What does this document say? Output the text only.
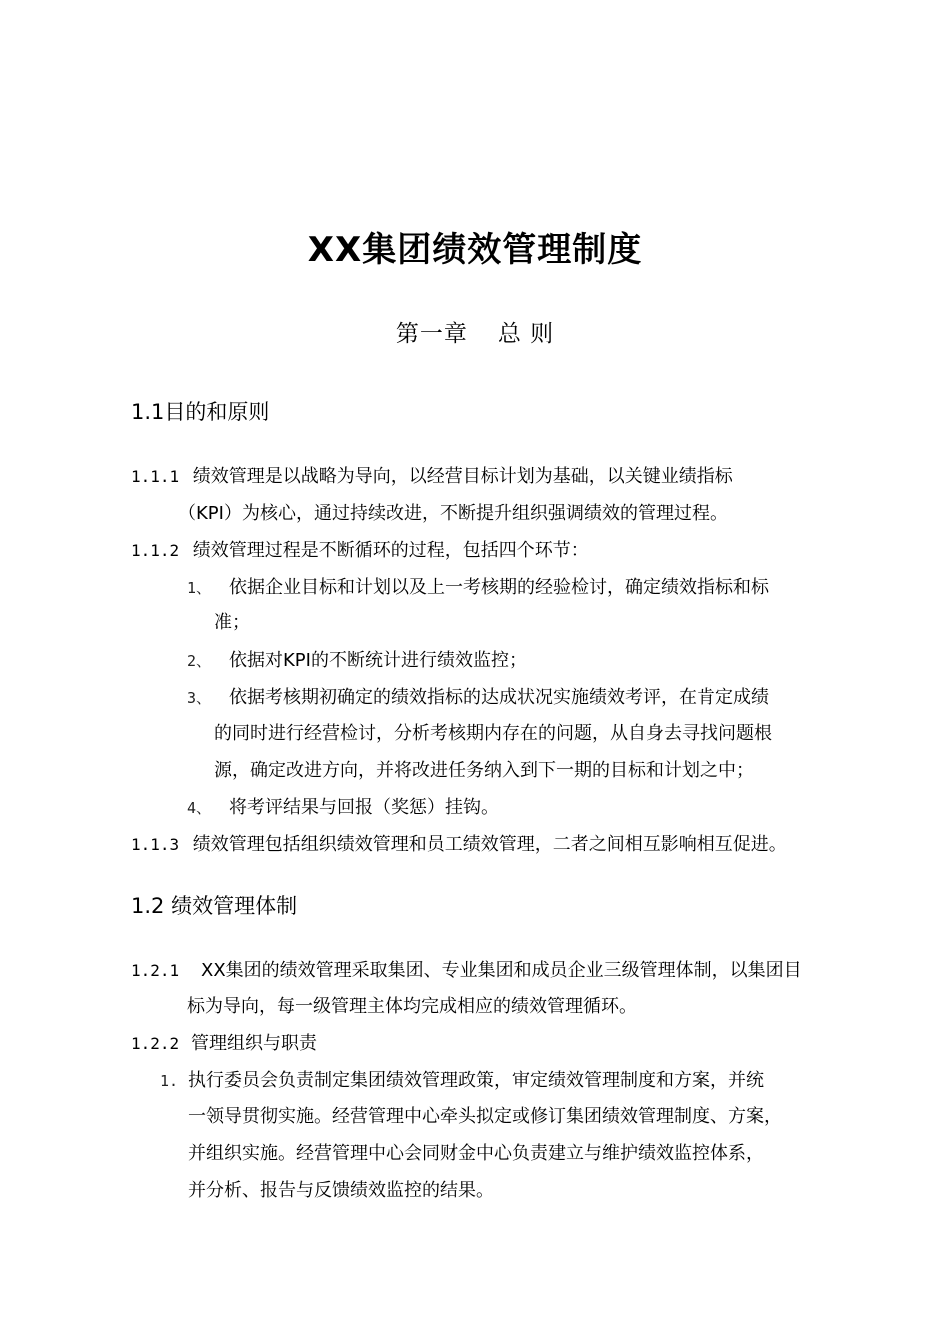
XX集团绩效管理制度
第一章 总 则
1.1目的和原则
1.1.1 绩效管理是以战略为导向，以经营目标计划为基础，以关键业绩指标
（KPI）为核心，通过持续改进，不断提升组织强调绩效的管理过程。
1.1.2 绩效管理过程是不断循环的过程，包括四个环节：
1、 依据企业目标和计划以及上一考核期的经验检讨，确定绩效指标和标
准；
2、 依据对KPI的不断统计进行绩效监控；
3、 依据考核期初确定的绩效指标的达成状况实施绩效考评，在肯定成绩
的同时进行经营检讨，分析考核期内存在的问题，从自身去寻找问题根
源，确定改进方向，并将改进任务纳入到下一期的目标和计划之中；
4、 将考评结果与回报（奖惩）挂钩。
1.1.3 绩效管理包括组织绩效管理和员工绩效管理，二者之间相互影响相互促进。
1.2 绩效管理体制
1.2.1 XX集团的绩效管理采取集团、专业集团和成员企业三级管理体制，以集团目
标为导向，每一级管理主体均完成相应的绩效管理循环。
1.2.2 管理组织与职责
1. 执行委员会负责制定集团绩效管理政策，审定绩效管理制度和方案，并统
一领导贯彻实施。经营管理中心牵头拟定或修订集团绩效管理制度、方案，
并组织实施。经营管理中心会同财金中心负责建立与维护绩效监控体系，
并分析、报告与反馈绩效监控的结果。
